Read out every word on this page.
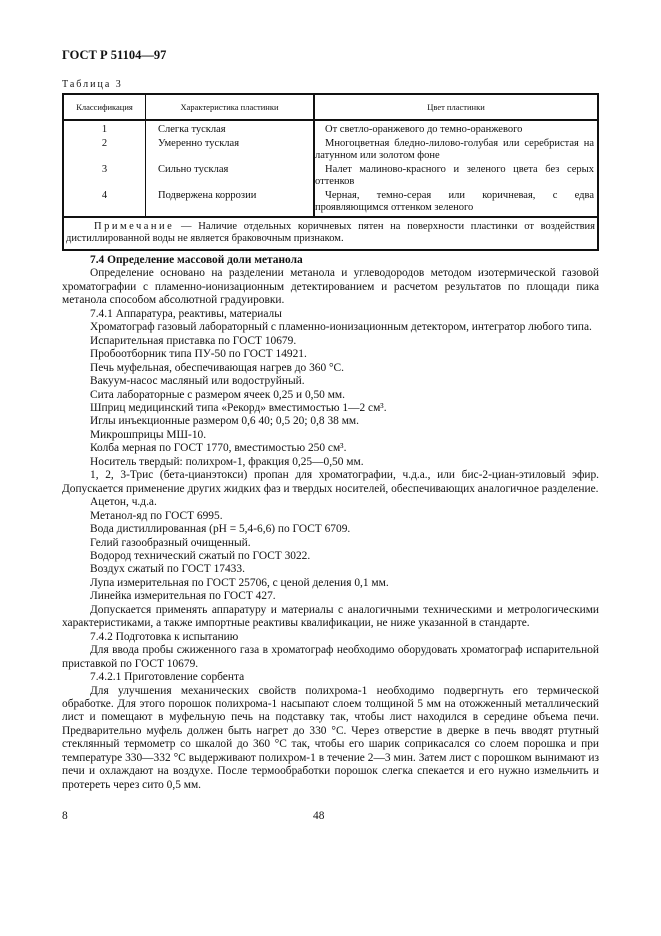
ГОСТ Р 51104—97
Таблица 3
Классификация	Характеристика пластинки	Цвет пластинки
1	Слегка тусклая	От светло-оранжевого до темно-оранжевого

2	Умеренно тусклая	Многоцветная бледно-лилово-голубая или серебристая на латунном или золотом фоне

3	Сильно тусклая	Налет малиново-красного и зеленого цвета без серых оттенков

4	Подвержена коррозии	Черная, темно-серая или коричневая, с едва проявляющимся оттенком зеленого

Примечание — Наличие отдельных коричневых пятен на поверхности пластинки от воздействия дистиллированной воды не является браковочным признаком.		

7.4 Определение массовой доли метанола

Определение основано на разделении метанола и углеводородов методом изотермической газовой хроматографии с пламенно-ионизационным детектированием и расчетом результатов по площади пика метанола способом абсолютной градуировки.

7.4.1 Аппаратура, реактивы, материалы

Хроматограф газовый лабораторный с пламенно-ионизационным детектором, интегратор любого типа.

Испарительная приставка по ГОСТ 10679.

Пробоотборник типа ПУ-50 по ГОСТ 14921.

Печь муфельная, обеспечивающая нагрев до 360 °С.

Вакуум-насос масляный или водоструйный.

Сита лабораторные с размером ячеек 0,25 и 0,50 мм.

Шприц медицинский типа «Рекорд» вместимостью 1—2 см³.

Иглы инъекционные размером 0,6 40; 0,5 20; 0,8 38 мм.

Микрошприцы МШ-10.

Колба мерная по ГОСТ 1770, вместимостью 250 см³.

Носитель твердый: полихром-1, фракция 0,25—0,50 мм.

1, 2, 3-Трис (бета-цианэтокси) пропан для хроматографии, ч.д.а., или бис-2-циан-этиловый эфир. Допускается применение других жидких фаз и твердых носителей, обеспечивающих аналогичное разделение.

Ацетон, ч.д.а.

Метанол-яд по ГОСТ 6995.

Вода дистиллированная (рН = 5,4-6,6) по ГОСТ 6709.

Гелий газообразный очищенный.

Водород технический сжатый по ГОСТ 3022.

Воздух сжатый по ГОСТ 17433.

Лупа измерительная по ГОСТ 25706, с ценой деления 0,1 мм.

Линейка измерительная по ГОСТ 427.

Допускается применять аппаратуру и материалы с аналогичными техническими и метрологическими характеристиками, а также импортные реактивы квалификации, не ниже указанной в стандарте.

7.4.2 Подготовка к испытанию

Для ввода пробы сжиженного газа в хроматограф необходимо оборудовать хроматограф испарительной приставкой по ГОСТ 10679.

7.4.2.1 Приготовление сорбента

Для улучшения механических свойств полихрома-1 необходимо подвергнуть его термической обработке. Для этого порошок полихрома-1 насыпают слоем толщиной 5 мм на отожженный металлический лист и помещают в муфельную печь на подставку так, чтобы лист находился в середине объема печи. Предварительно муфель должен быть нагрет до 330 °С. Через отверстие в дверке в печь вводят ртутный стеклянный термометр со шкалой до 360 °С так, чтобы его шарик соприкасался со слоем порошка и при температуре 330—332 °С выдерживают полихром-1 в течение 2—3 мин. Затем лист с порошком вынимают из печи и охлаждают на воздухе. После термообработки порошок слегка спекается и его нужно измельчить и протереть через сито 0,5 мм.

8	48
